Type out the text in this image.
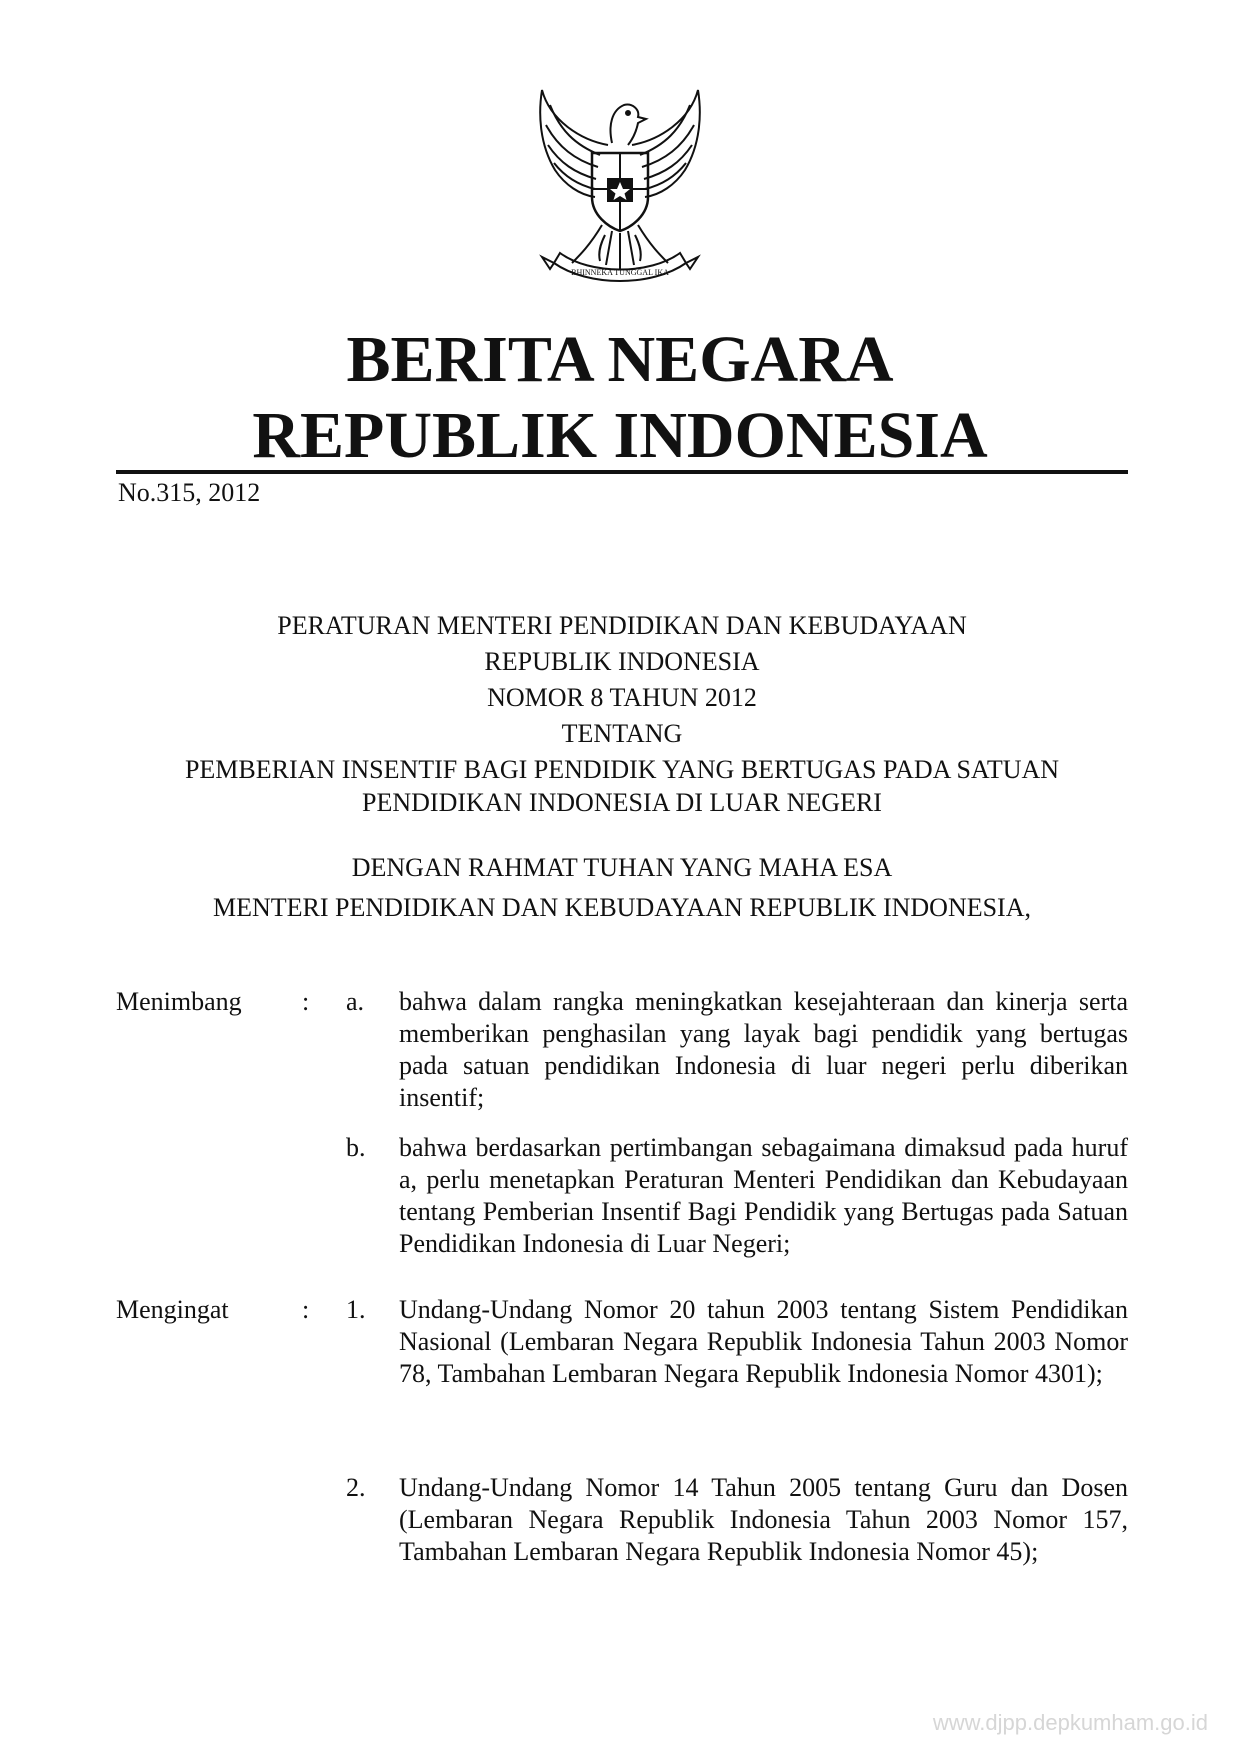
BHINNEKA TUNGGAL IKA
BERITA NEGARA
REPUBLIK INDONESIA
No.315, 2012
PERATURAN MENTERI PENDIDIKAN DAN KEBUDAYAAN
REPUBLIK INDONESIA
NOMOR 8 TAHUN 2012
TENTANG
PEMBERIAN INSENTIF BAGI PENDIDIK YANG BERTUGAS PADA SATUAN
PENDIDIKAN INDONESIA DI LUAR NEGERI
DENGAN RAHMAT TUHAN YANG MAHA ESA
MENTERI PENDIDIKAN DAN KEBUDAYAAN REPUBLIK INDONESIA,
Menimbang : a. bahwa dalam rangka meningkatkan kesejahteraan dan kinerja serta memberikan penghasilan yang layak bagi pendidik yang bertugas pada satuan pendidikan Indonesia di luar negeri perlu diberikan insentif;
b. bahwa berdasarkan pertimbangan sebagaimana dimaksud pada huruf a, perlu menetapkan Peraturan Menteri Pendidikan dan Kebudayaan tentang Pemberian Insentif Bagi Pendidik yang Bertugas pada Satuan Pendidikan Indonesia di Luar Negeri;
Mengingat	: 1. Undang-Undang Nomor 20 tahun 2003 tentang Sistem Pendidikan Nasional (Lembaran Negara Republik Indonesia Tahun 2003 Nomor 78, Tambahan Lembaran Negara Republik Indonesia Nomor 4301);
2. Undang-Undang Nomor 14 Tahun 2005 tentang Guru dan Dosen (Lembaran Negara Republik Indonesia Tahun 2003 Nomor 157, Tambahan Lembaran Negara Republik Indonesia Nomor 45);
www.djpp.depkumham.go.id
